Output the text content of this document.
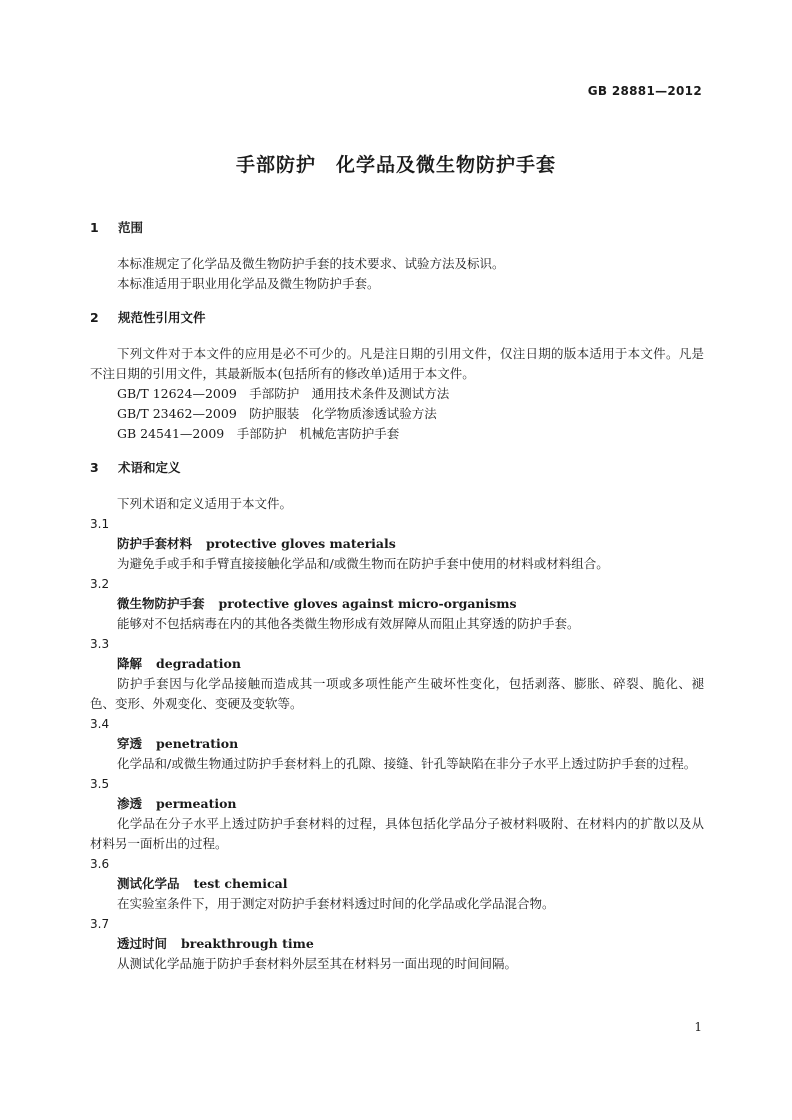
GB 28881—2012
手部防护　化学品及微生物防护手套
1 范围
本标准规定了化学品及微生物防护手套的技术要求、试验方法及标识。
本标准适用于职业用化学品及微生物防护手套。
2 规范性引用文件
下列文件对于本文件的应用是必不可少的。凡是注日期的引用文件，仅注日期的版本适用于本文件。凡是不注日期的引用文件，其最新版本(包括所有的修改单)适用于本文件。
GB/T 12624—2009　手部防护　通用技术条件及测试方法
GB/T 23462—2009　防护服装　化学物质渗透试验方法
GB 24541—2009　手部防护　机械危害防护手套
3 术语和定义
下列术语和定义适用于本文件。
3.1
防护手套材料 protective gloves materials
为避免手或手和手臂直接接触化学品和/或微生物而在防护手套中使用的材料或材料组合。
3.2
微生物防护手套 protective gloves against micro-organisms
能够对不包括病毒在内的其他各类微生物形成有效屏障从而阻止其穿透的防护手套。
3.3
降解 degradation
防护手套因与化学品接触而造成其一项或多项性能产生破坏性变化，包括剥落、膨胀、碎裂、脆化、褪色、变形、外观变化、变硬及变软等。
3.4
穿透 penetration
化学品和/或微生物通过防护手套材料上的孔隙、接缝、针孔等缺陷在非分子水平上透过防护手套的过程。
3.5
渗透 permeation
化学品在分子水平上透过防护手套材料的过程，具体包括化学品分子被材料吸附、在材料内的扩散以及从材料另一面析出的过程。
3.6
测试化学品 test chemical
在实验室条件下，用于测定对防护手套材料透过时间的化学品或化学品混合物。
3.7
透过时间 breakthrough time
从测试化学品施于防护手套材料外层至其在材料另一面出现的时间间隔。
1
